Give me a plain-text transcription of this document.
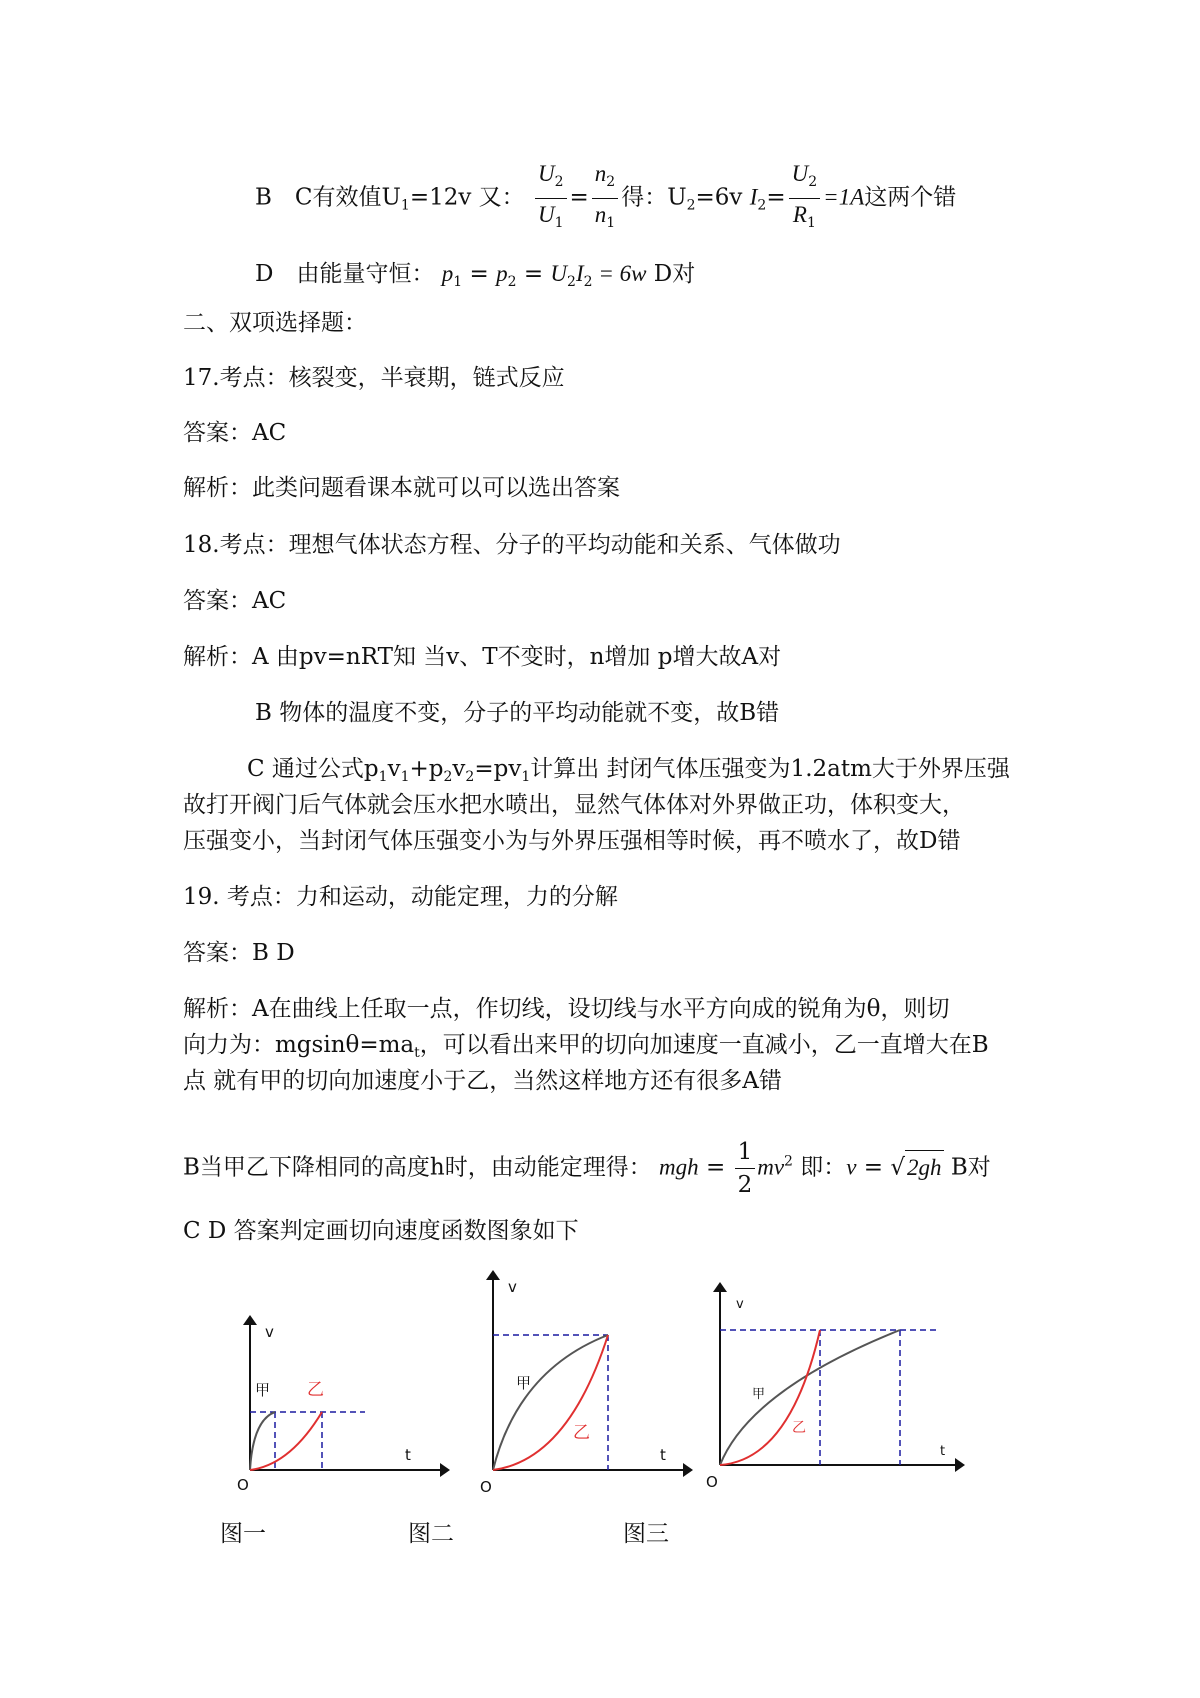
B　C有效值$U_1=12v$ 又： $\frac{U_2}{U_1} = \frac{n_2}{n_1}$ 得：$U_2=6v$ $I_2= \frac{U_2}{R_1} =1A$这两个错
D　由能量守恒： $p_1 = p_2 = U_2I_2 = 6w$ D对
二、双项选择题：
17.考点：核裂变，半衰期，链式反应
答案：AC
解析：此类问题看课本就可以可以选出答案
18.考点：理想气体状态方程、分子的平均动能和关系、气体做功
答案：AC
解析：A 由pv=nRT知 当v、T不变时，n增加 p增大故A对
B 物体的温度不变，分子的平均动能就不变，故B错
C 通过公式$p_1v_1+p_2v_2=pv_1$计算出 封闭气体压强变为1.2atm大于外界压强
故打开阀门后气体就会压水把水喷出，显然气体体对外界做正功，体积变大，
压强变小，当封闭气体压强变小为与外界压强相等时候，再不喷水了，故D错
19. 考点：力和运动，动能定理，力的分解
答案：B D
解析：A在曲线上任取一点，作切线，设切线与水平方向成的锐角为θ，则切
向力为：$mgsin\theta=ma_t$，可以看出来甲的切向加速度一直减小，乙一直增大在B
点 就有甲的切向加速度小于乙，当然这样地方还有很多A错
B当甲乙下降相同的高度h时，由动能定理得： mgh = $\frac{1}{2} mv^2$ 即：v = √2gh B对
C D 答案判定画切向速度函数图象如下
v
t
O
甲 乙
v
t
O
甲
乙
v
t
O
甲
乙
图一	图二	图三
